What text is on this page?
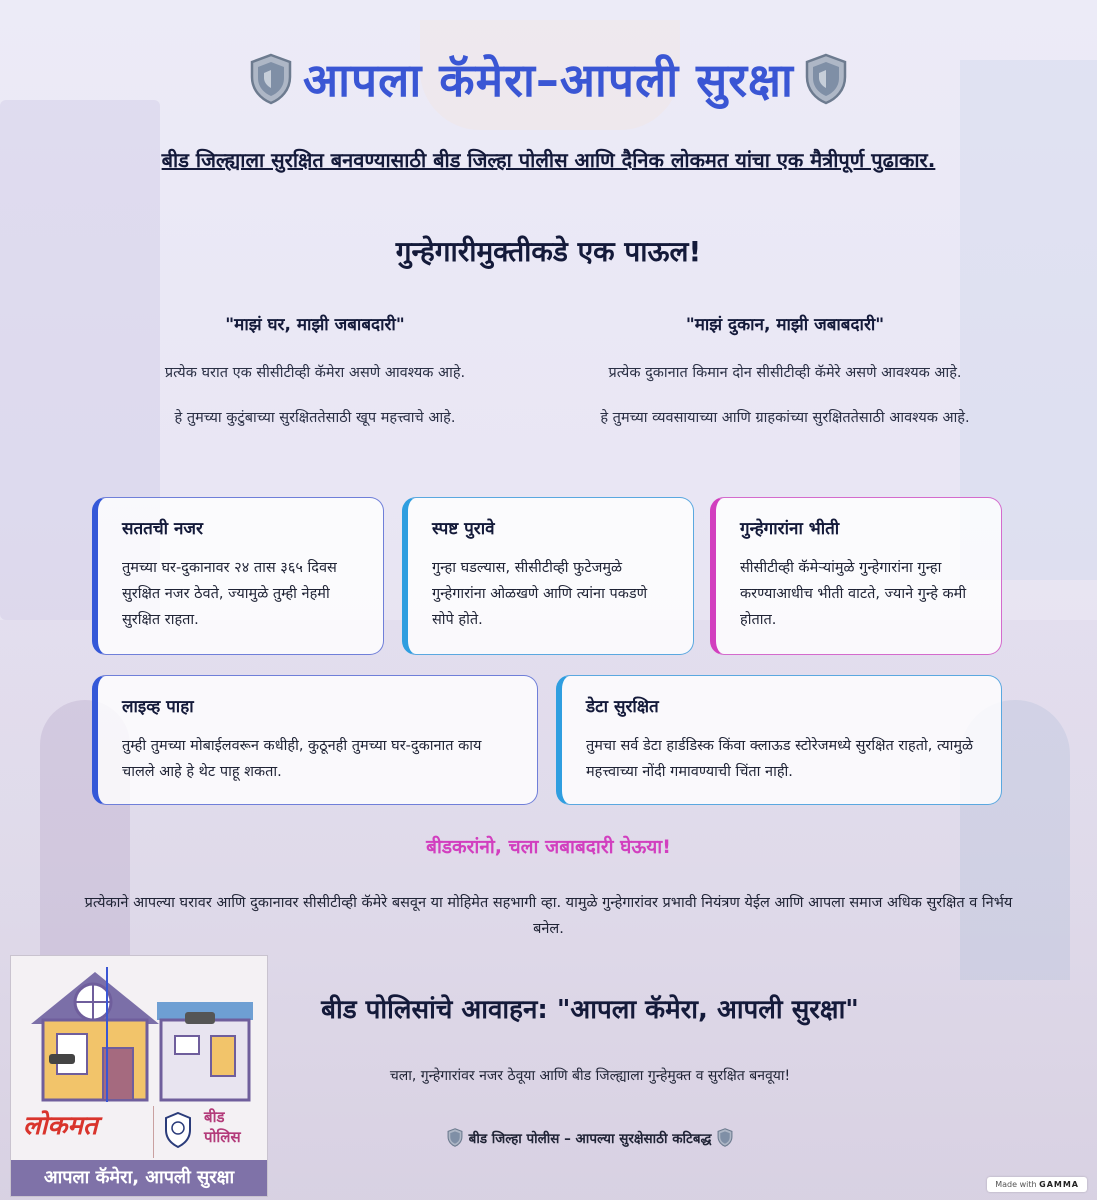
आपला कॅमेरा–आपली सुरक्षा
बीड जिल्ह्याला सुरक्षित बनवण्यासाठी बीड जिल्हा पोलीस आणि दैनिक लोकमत यांचा एक मैत्रीपूर्ण पुढाकार.
गुन्हेगारीमुक्तीकडे एक पाऊल!
"माझं घर, माझी जबाबदारी"

प्रत्येक घरात एक सीसीटीव्ही कॅमेरा असणे आवश्यक आहे.

हे तुमच्या कुटुंबाच्या सुरक्षिततेसाठी खूप महत्त्वाचे आहे.

"माझं दुकान, माझी जबाबदारी"

प्रत्येक दुकानात किमान दोन सीसीटीव्ही कॅमेरे असणे आवश्यक आहे.

हे तुमच्या व्यवसायाच्या आणि ग्राहकांच्या सुरक्षिततेसाठी आवश्यक आहे.

सततची नजर

तुमच्या घर-दुकानावर २४ तास ३६५ दिवस सुरक्षित नजर ठेवते, ज्यामुळे तुम्ही नेहमी सुरक्षित राहता.

स्पष्ट पुरावे

गुन्हा घडल्यास, सीसीटीव्ही फुटेजमुळे गुन्हेगारांना ओळखणे आणि त्यांना पकडणे सोपे होते.

गुन्हेगारांना भीती

सीसीटीव्ही कॅमेऱ्यांमुळे गुन्हेगारांना गुन्हा करण्याआधीच भीती वाटते, ज्याने गुन्हे कमी होतात.

लाइव्ह पाहा

तुम्ही तुमच्या मोबाईलवरून कधीही, कुठूनही तुमच्या घर-दुकानात काय चालले आहे हे थेट पाहू शकता.

डेटा सुरक्षित

तुमचा सर्व डेटा हार्डडिस्क किंवा क्लाऊड स्टोरेजमध्ये सुरक्षित राहतो, त्यामुळे महत्त्वाच्या नोंदी गमावण्याची चिंता नाही.

बीडकरांनो, चला जबाबदारी घेऊया!
प्रत्येकाने आपल्या घरावर आणि दुकानावर सीसीटीव्ही कॅमेरे बसवून या मोहिमेत सहभागी व्हा. यामुळे गुन्हेगारांवर प्रभावी नियंत्रण येईल आणि आपला समाज अधिक सुरक्षित व निर्भय बनेल.
बीड पोलिसांचे आवाहन: "आपला कॅमेरा, आपली सुरक्षा"
चला, गुन्हेगारांवर नजर ठेवूया आणि बीड जिल्ह्याला गुन्हेमुक्त व सुरक्षित बनवूया!
बीड जिल्हा पोलीस – आपल्या सुरक्षेसाठी कटिबद्ध
लोकमत	बीड
पोलिस
आपला कॅमेरा, आपली सुरक्षा	Made with GAMMA
